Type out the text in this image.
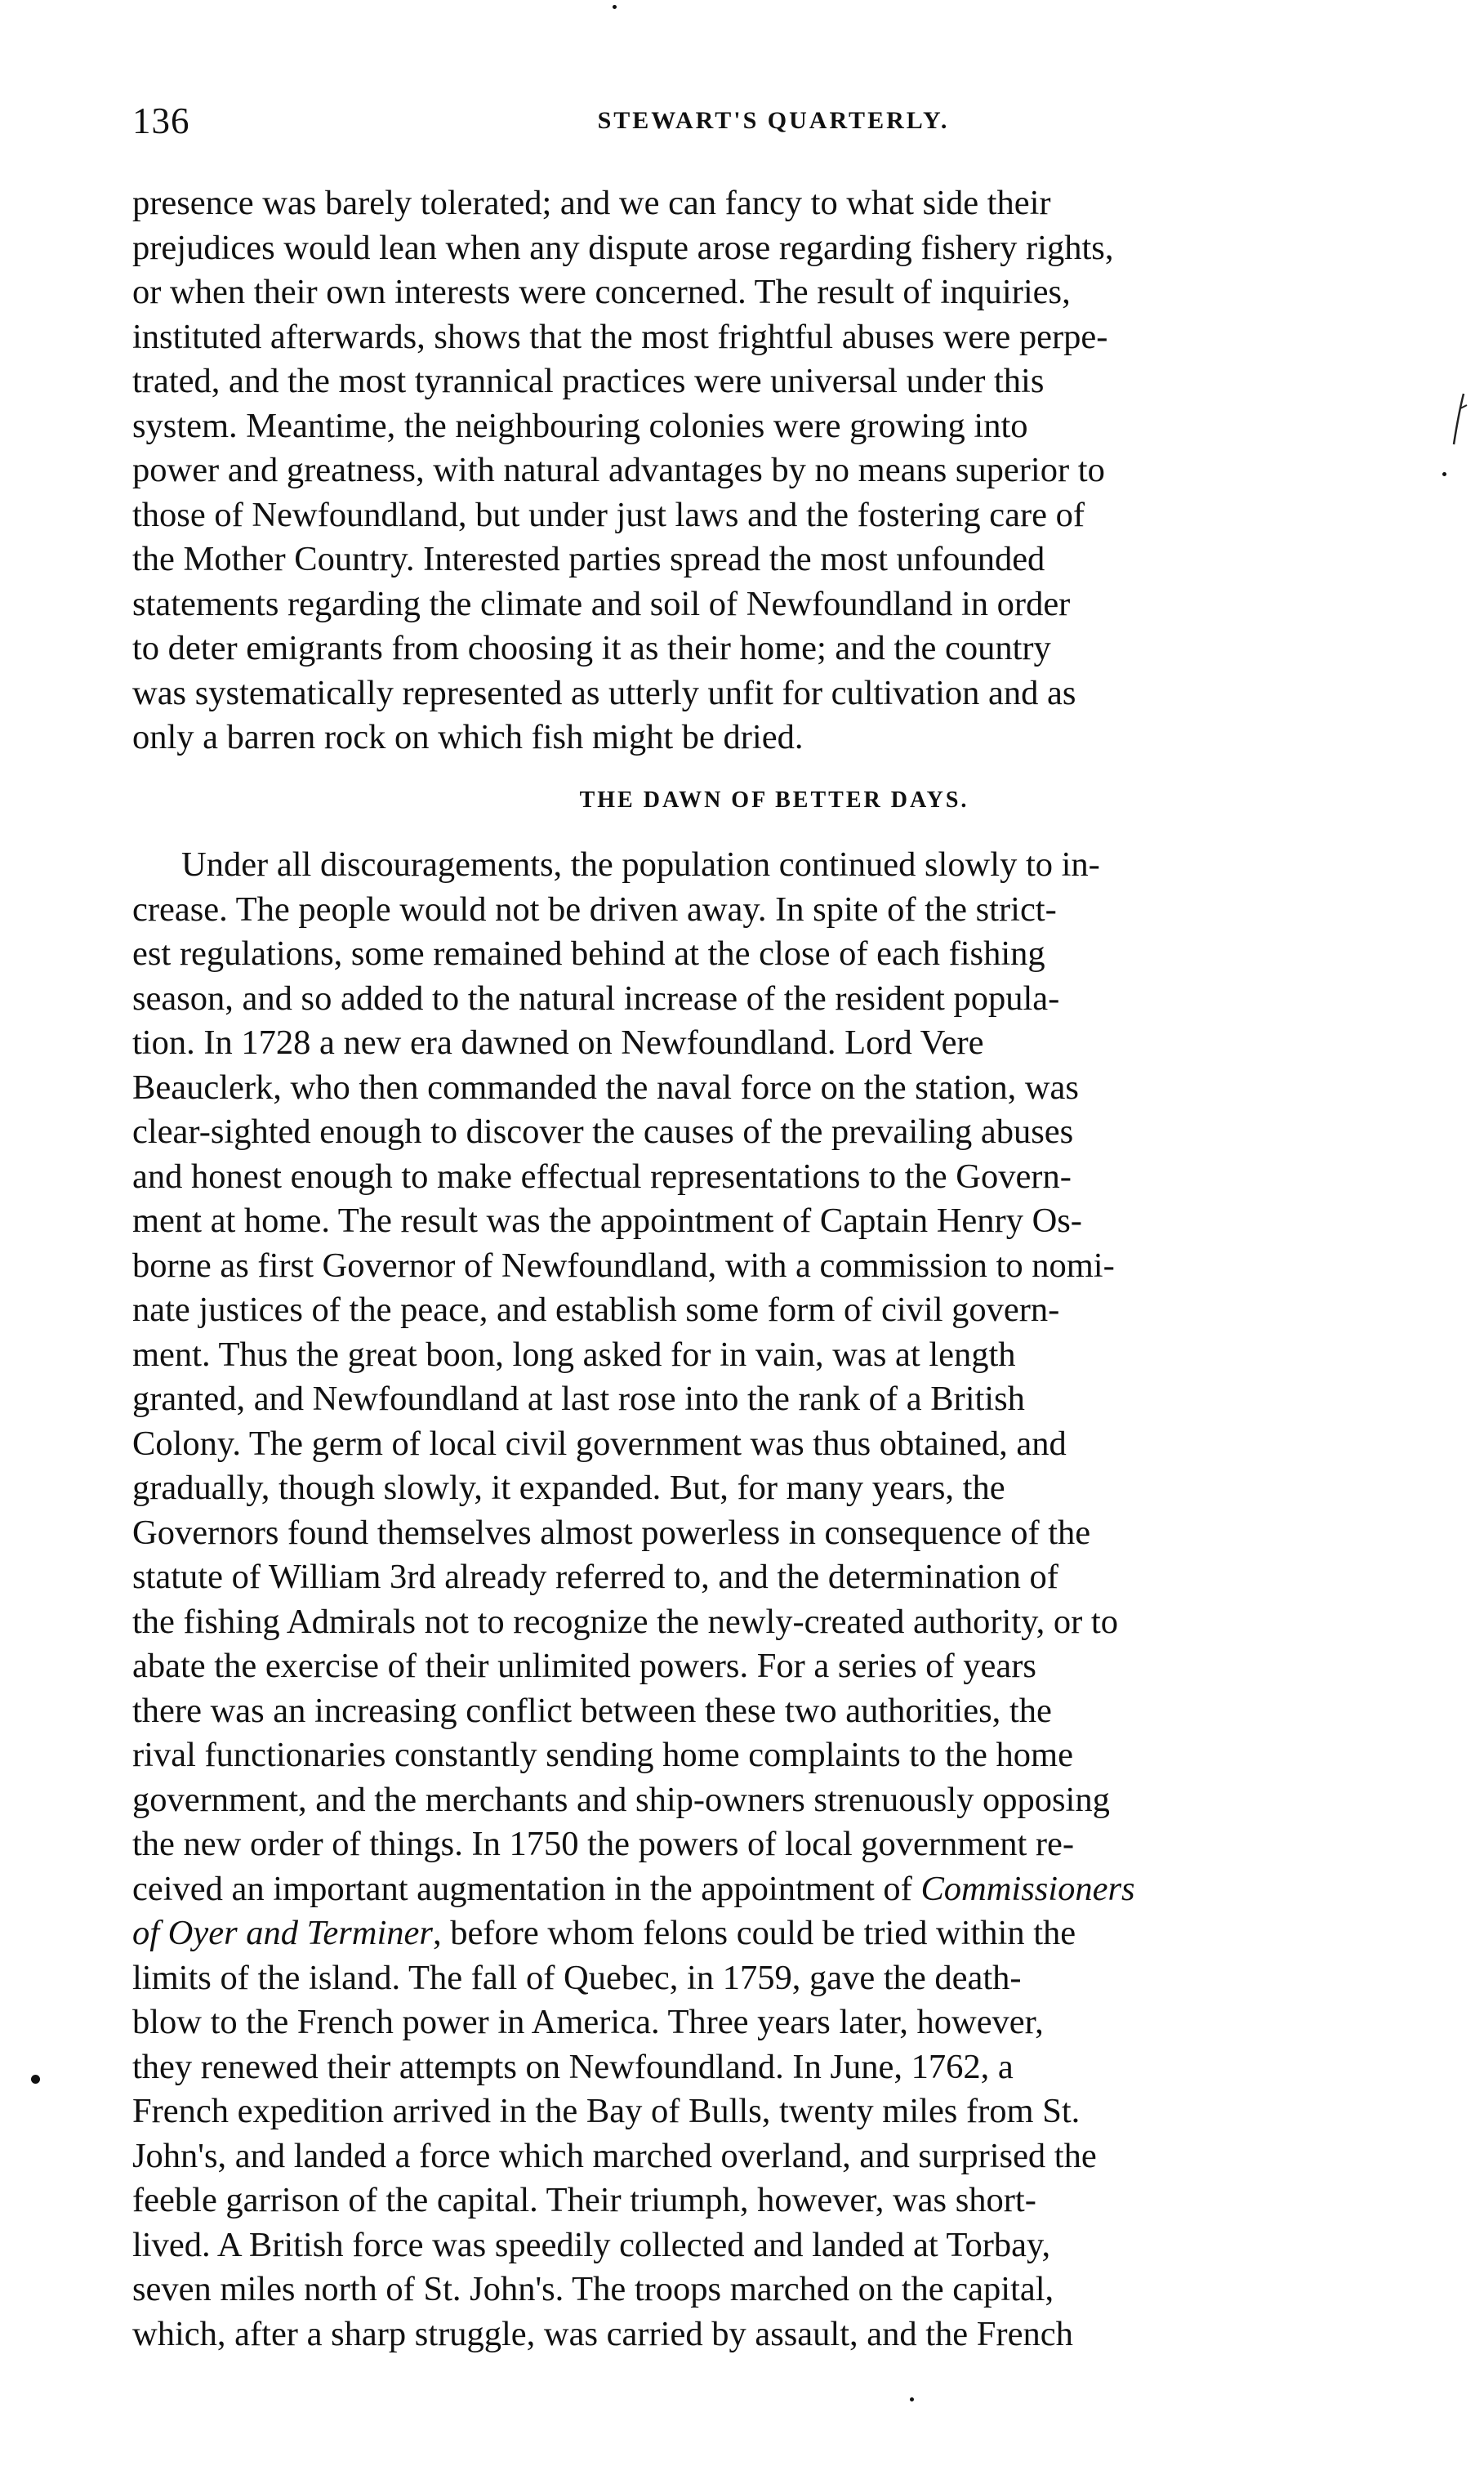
136	STEWART'S QUARTERLY.
presence was barely tolerated; and we can fancy to what side their
prejudices would lean when any dispute arose regarding fishery rights,
or when their own interests were concerned. The result of inquiries,
instituted afterwards, shows that the most frightful abuses were perpe-
trated, and the most tyrannical practices were universal under this
system. Meantime, the neighbouring colonies were growing into
power and greatness, with natural advantages by no means superior to
those of Newfoundland, but under just laws and the fostering care of
the Mother Country. Interested parties spread the most unfounded
statements regarding the climate and soil of Newfoundland in order
to deter emigrants from choosing it as their home; and the country
was systematically represented as utterly unfit for cultivation and as
only a barren rock on which fish might be dried.
THE DAWN OF BETTER DAYS.
Under all discouragements, the population continued slowly to in-
crease. The people would not be driven away. In spite of the strict-
est regulations, some remained behind at the close of each fishing
season, and so added to the natural increase of the resident popula-
tion. In 1728 a new era dawned on Newfoundland. Lord Vere
Beauclerk, who then commanded the naval force on the station, was
clear-sighted enough to discover the causes of the prevailing abuses
and honest enough to make effectual representations to the Govern-
ment at home. The result was the appointment of Captain Henry Os-
borne as first Governor of Newfoundland, with a commission to nomi-
nate justices of the peace, and establish some form of civil govern-
ment. Thus the great boon, long asked for in vain, was at length
granted, and Newfoundland at last rose into the rank of a British
Colony. The germ of local civil government was thus obtained, and
gradually, though slowly, it expanded. But, for many years, the
Governors found themselves almost powerless in consequence of the
statute of William 3rd already referred to, and the determination of
the fishing Admirals not to recognize the newly-created authority, or to
abate the exercise of their unlimited powers. For a series of years
there was an increasing conflict between these two authorities, the
rival functionaries constantly sending home complaints to the home
government, and the merchants and ship-owners strenuously opposing
the new order of things. In 1750 the powers of local government re-
ceived an important augmentation in the appointment of Commissioners
of Oyer and Terminer, before whom felons could be tried within the
limits of the island. The fall of Quebec, in 1759, gave the death-
blow to the French power in America. Three years later, however,
they renewed their attempts on Newfoundland. In June, 1762, a
French expedition arrived in the Bay of Bulls, twenty miles from St.
John's, and landed a force which marched overland, and surprised the
feeble garrison of the capital. Their triumph, however, was short-
lived. A British force was speedily collected and landed at Torbay,
seven miles north of St. John's. The troops marched on the capital,
which, after a sharp struggle, was carried by assault, and the French
